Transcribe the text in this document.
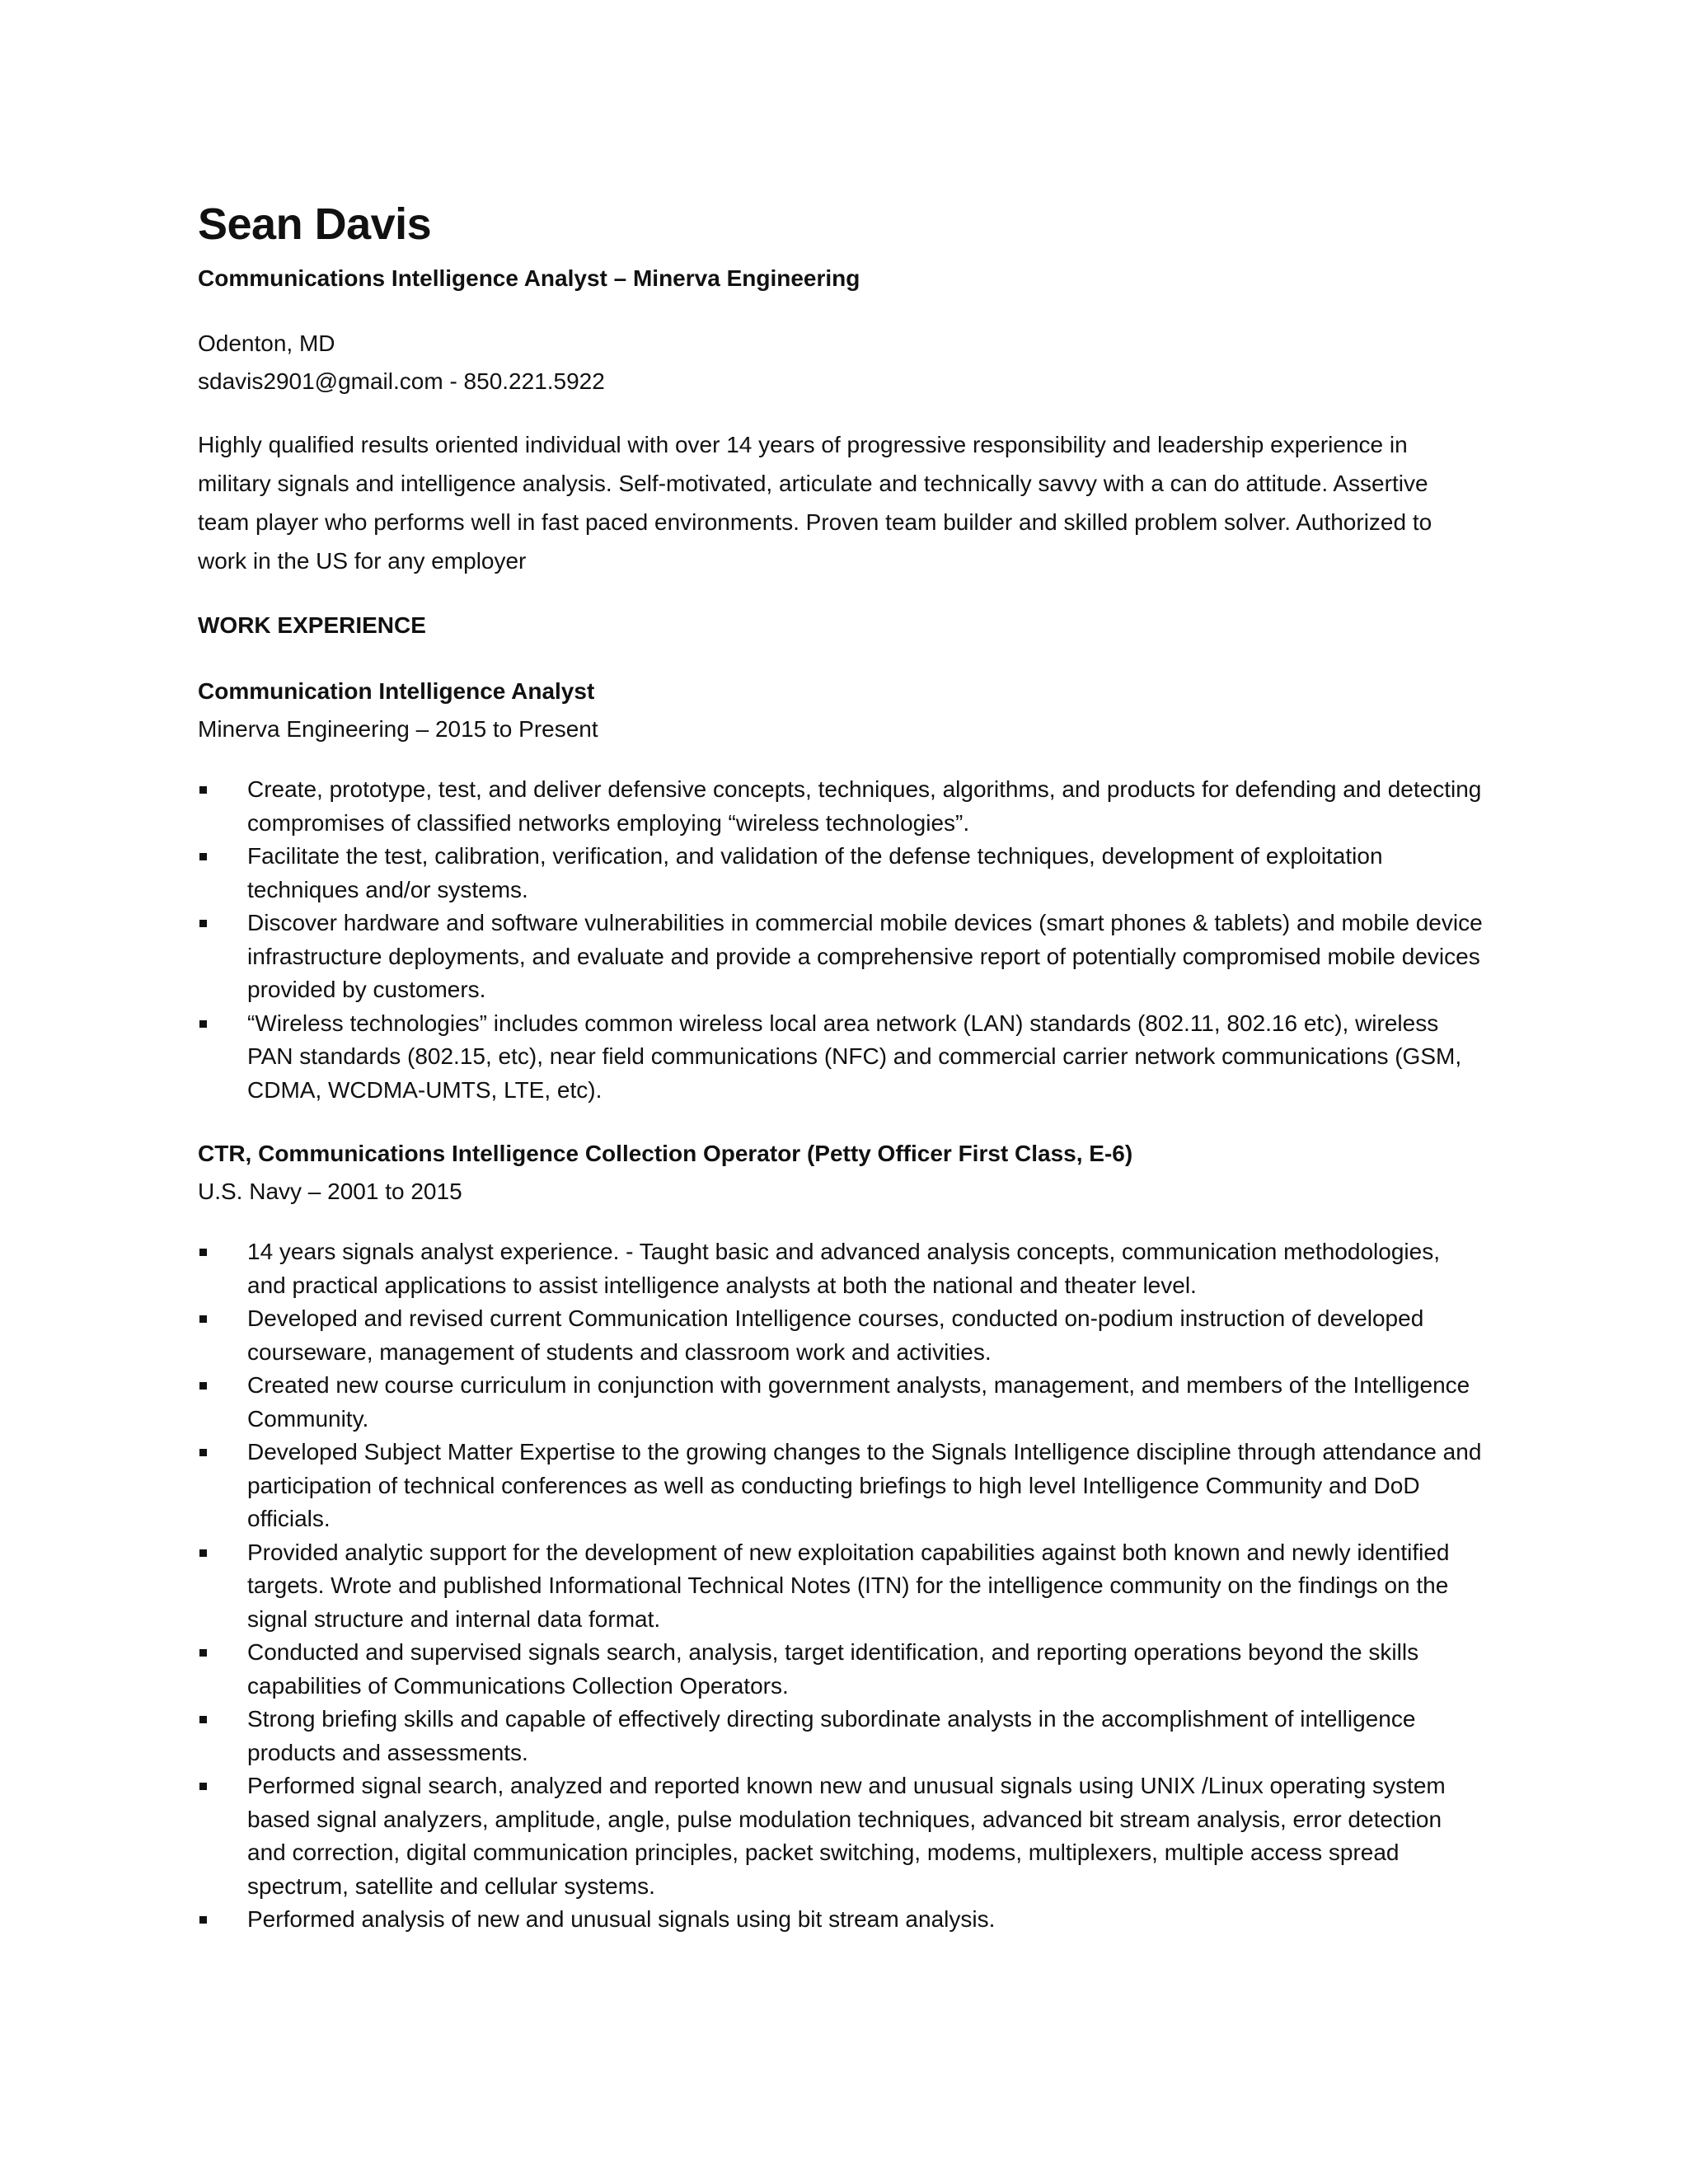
Sean Davis
Communications Intelligence Analyst – Minerva Engineering
Odenton, MD
sdavis2901@gmail.com - 850.221.5922
Highly qualified results oriented individual with over 14 years of progressive responsibility and leadership experience in military signals and intelligence analysis. Self-motivated, articulate and technically savvy with a can do attitude. Assertive team player who performs well in fast paced environments. Proven team builder and skilled problem solver. Authorized to work in the US for any employer
WORK EXPERIENCE
Communication Intelligence Analyst
Minerva Engineering – 2015 to Present
Create, prototype, test, and deliver defensive concepts, techniques, algorithms, and products for defending and detecting compromises of classified networks employing “wireless technologies”.
Facilitate the test, calibration, verification, and validation of the defense techniques, development of exploitation techniques and/or systems.
Discover hardware and software vulnerabilities in commercial mobile devices (smart phones & tablets) and mobile device infrastructure deployments, and evaluate and provide a comprehensive report of potentially compromised mobile devices provided by customers.
“Wireless technologies” includes common wireless local area network (LAN) standards (802.11, 802.16 etc), wireless PAN standards (802.15, etc), near field communications (NFC) and commercial carrier network communications (GSM, CDMA, WCDMA-UMTS, LTE, etc).
CTR, Communications Intelligence Collection Operator (Petty Officer First Class, E-6)
U.S. Navy – 2001 to 2015
14 years signals analyst experience. - Taught basic and advanced analysis concepts, communication methodologies, and practical applications to assist intelligence analysts at both the national and theater level.
Developed and revised current Communication Intelligence courses, conducted on-podium instruction of developed courseware, management of students and classroom work and activities.
Created new course curriculum in conjunction with government analysts, management, and members of the Intelligence Community.
Developed Subject Matter Expertise to the growing changes to the Signals Intelligence discipline through attendance and participation of technical conferences as well as conducting briefings to high level Intelligence Community and DoD officials.
Provided analytic support for the development of new exploitation capabilities against both known and newly identified targets. Wrote and published Informational Technical Notes (ITN) for the intelligence community on the findings on the signal structure and internal data format.
Conducted and supervised signals search, analysis, target identification, and reporting operations beyond the skills capabilities of Communications Collection Operators.
Strong briefing skills and capable of effectively directing subordinate analysts in the accomplishment of intelligence products and assessments.
Performed signal search, analyzed and reported known new and unusual signals using UNIX /Linux operating system based signal analyzers, amplitude, angle, pulse modulation techniques, advanced bit stream analysis, error detection and correction, digital communication principles, packet switching, modems, multiplexers, multiple access spread spectrum, satellite and cellular systems.
Performed analysis of new and unusual signals using bit stream analysis.
